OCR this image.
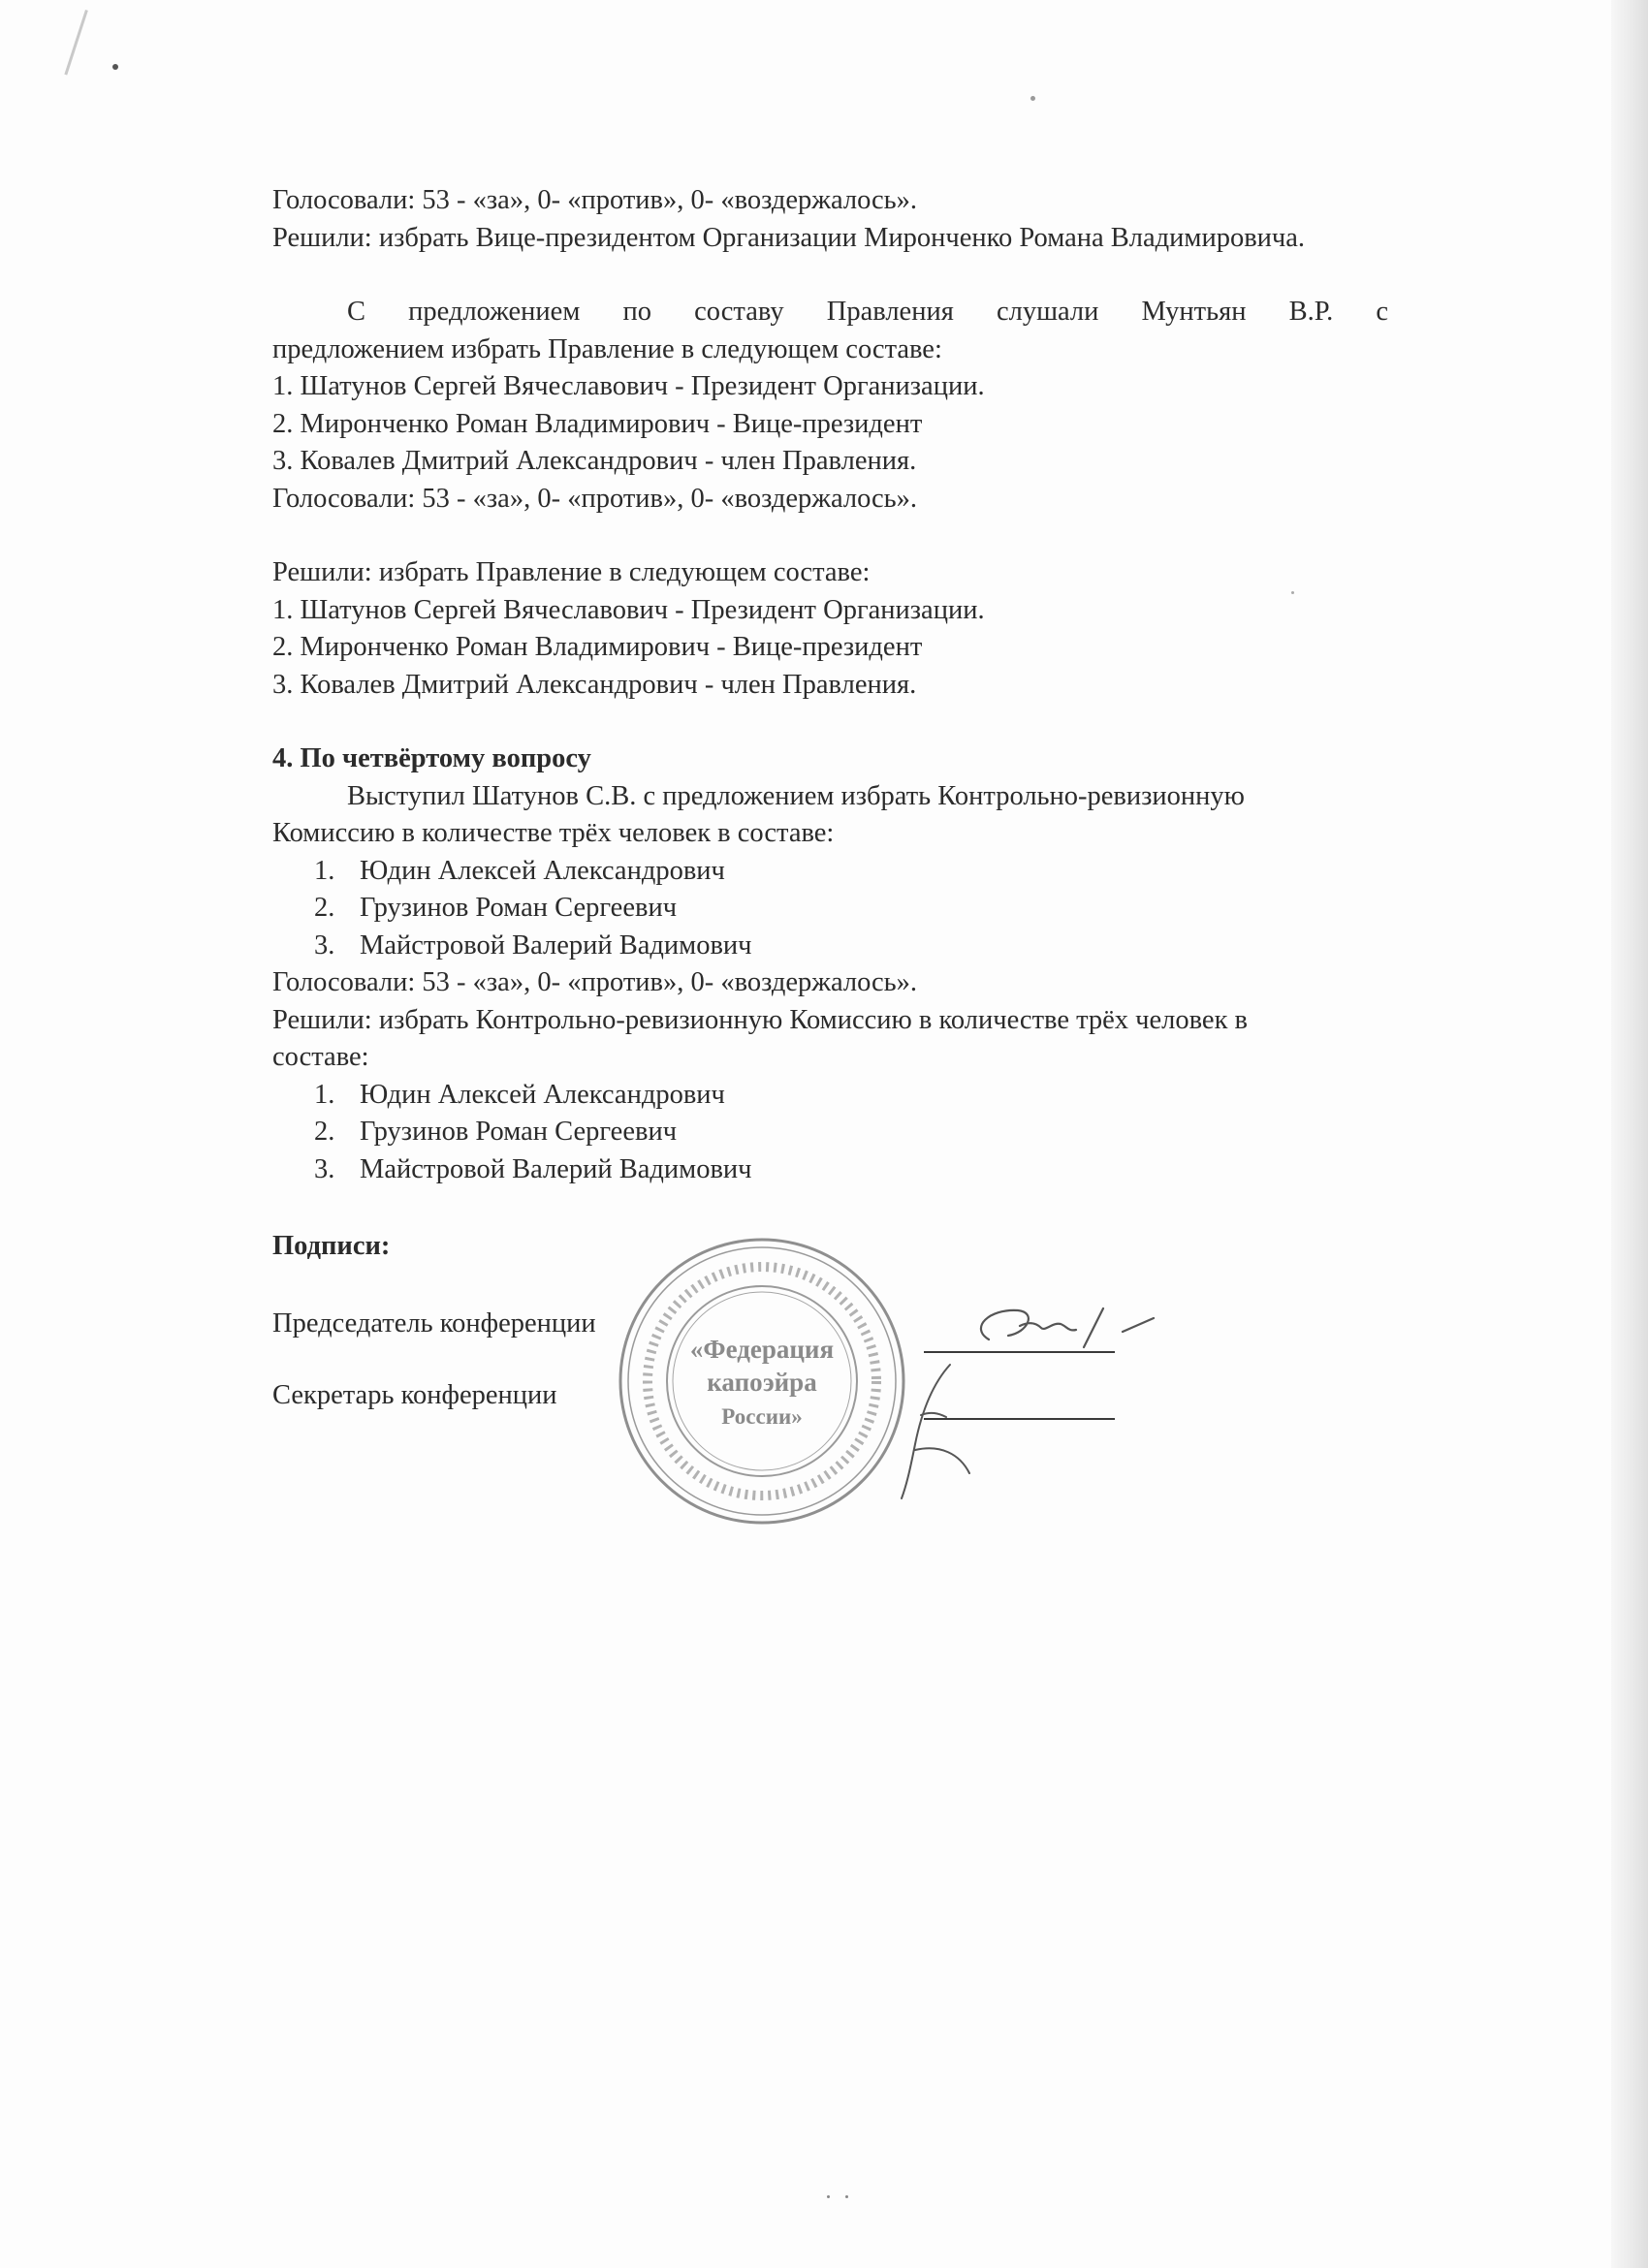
Голосовали: 53 - «за», 0- «против», 0- «воздержалось».
Решили: избрать Вице-президентом Организации Миронченко Романа Владимировича.
С предложением по составу Правления слушали Мунтьян В.Р. с
предложением избрать Правление в следующем составе:
1. Шатунов Сергей Вячеславович - Президент Организации.
2. Миронченко Роман Владимирович - Вице-президент
3. Ковалев Дмитрий Александрович - член Правления.
Голосовали: 53 - «за», 0- «против», 0- «воздержалось».
Решили: избрать Правление в следующем составе:
1. Шатунов Сергей Вячеславович - Президент Организации.
2. Миронченко Роман Владимирович - Вице-президент
3. Ковалев Дмитрий Александрович - член Правления.
4. По четвёртому вопросу
Выступил Шатунов С.В. с предложением избрать Контрольно-ревизионную
Комиссию в количестве трёх человек в составе:
1. Юдин Алексей Александрович
2. Грузинов Роман Сергеевич
3. Майстровой Валерий Вадимович
Голосовали: 53 - «за», 0- «против», 0- «воздержалось».
Решили: избрать Контрольно-ревизионную Комиссию в количестве трёх человек в
составе:
1. Юдин Алексей Александрович
2. Грузинов Роман Сергеевич
3. Майстровой Валерий Вадимович
Подписи:
Председатель конференции
Секретарь конференции
«Федерация
капоэйра
России»
